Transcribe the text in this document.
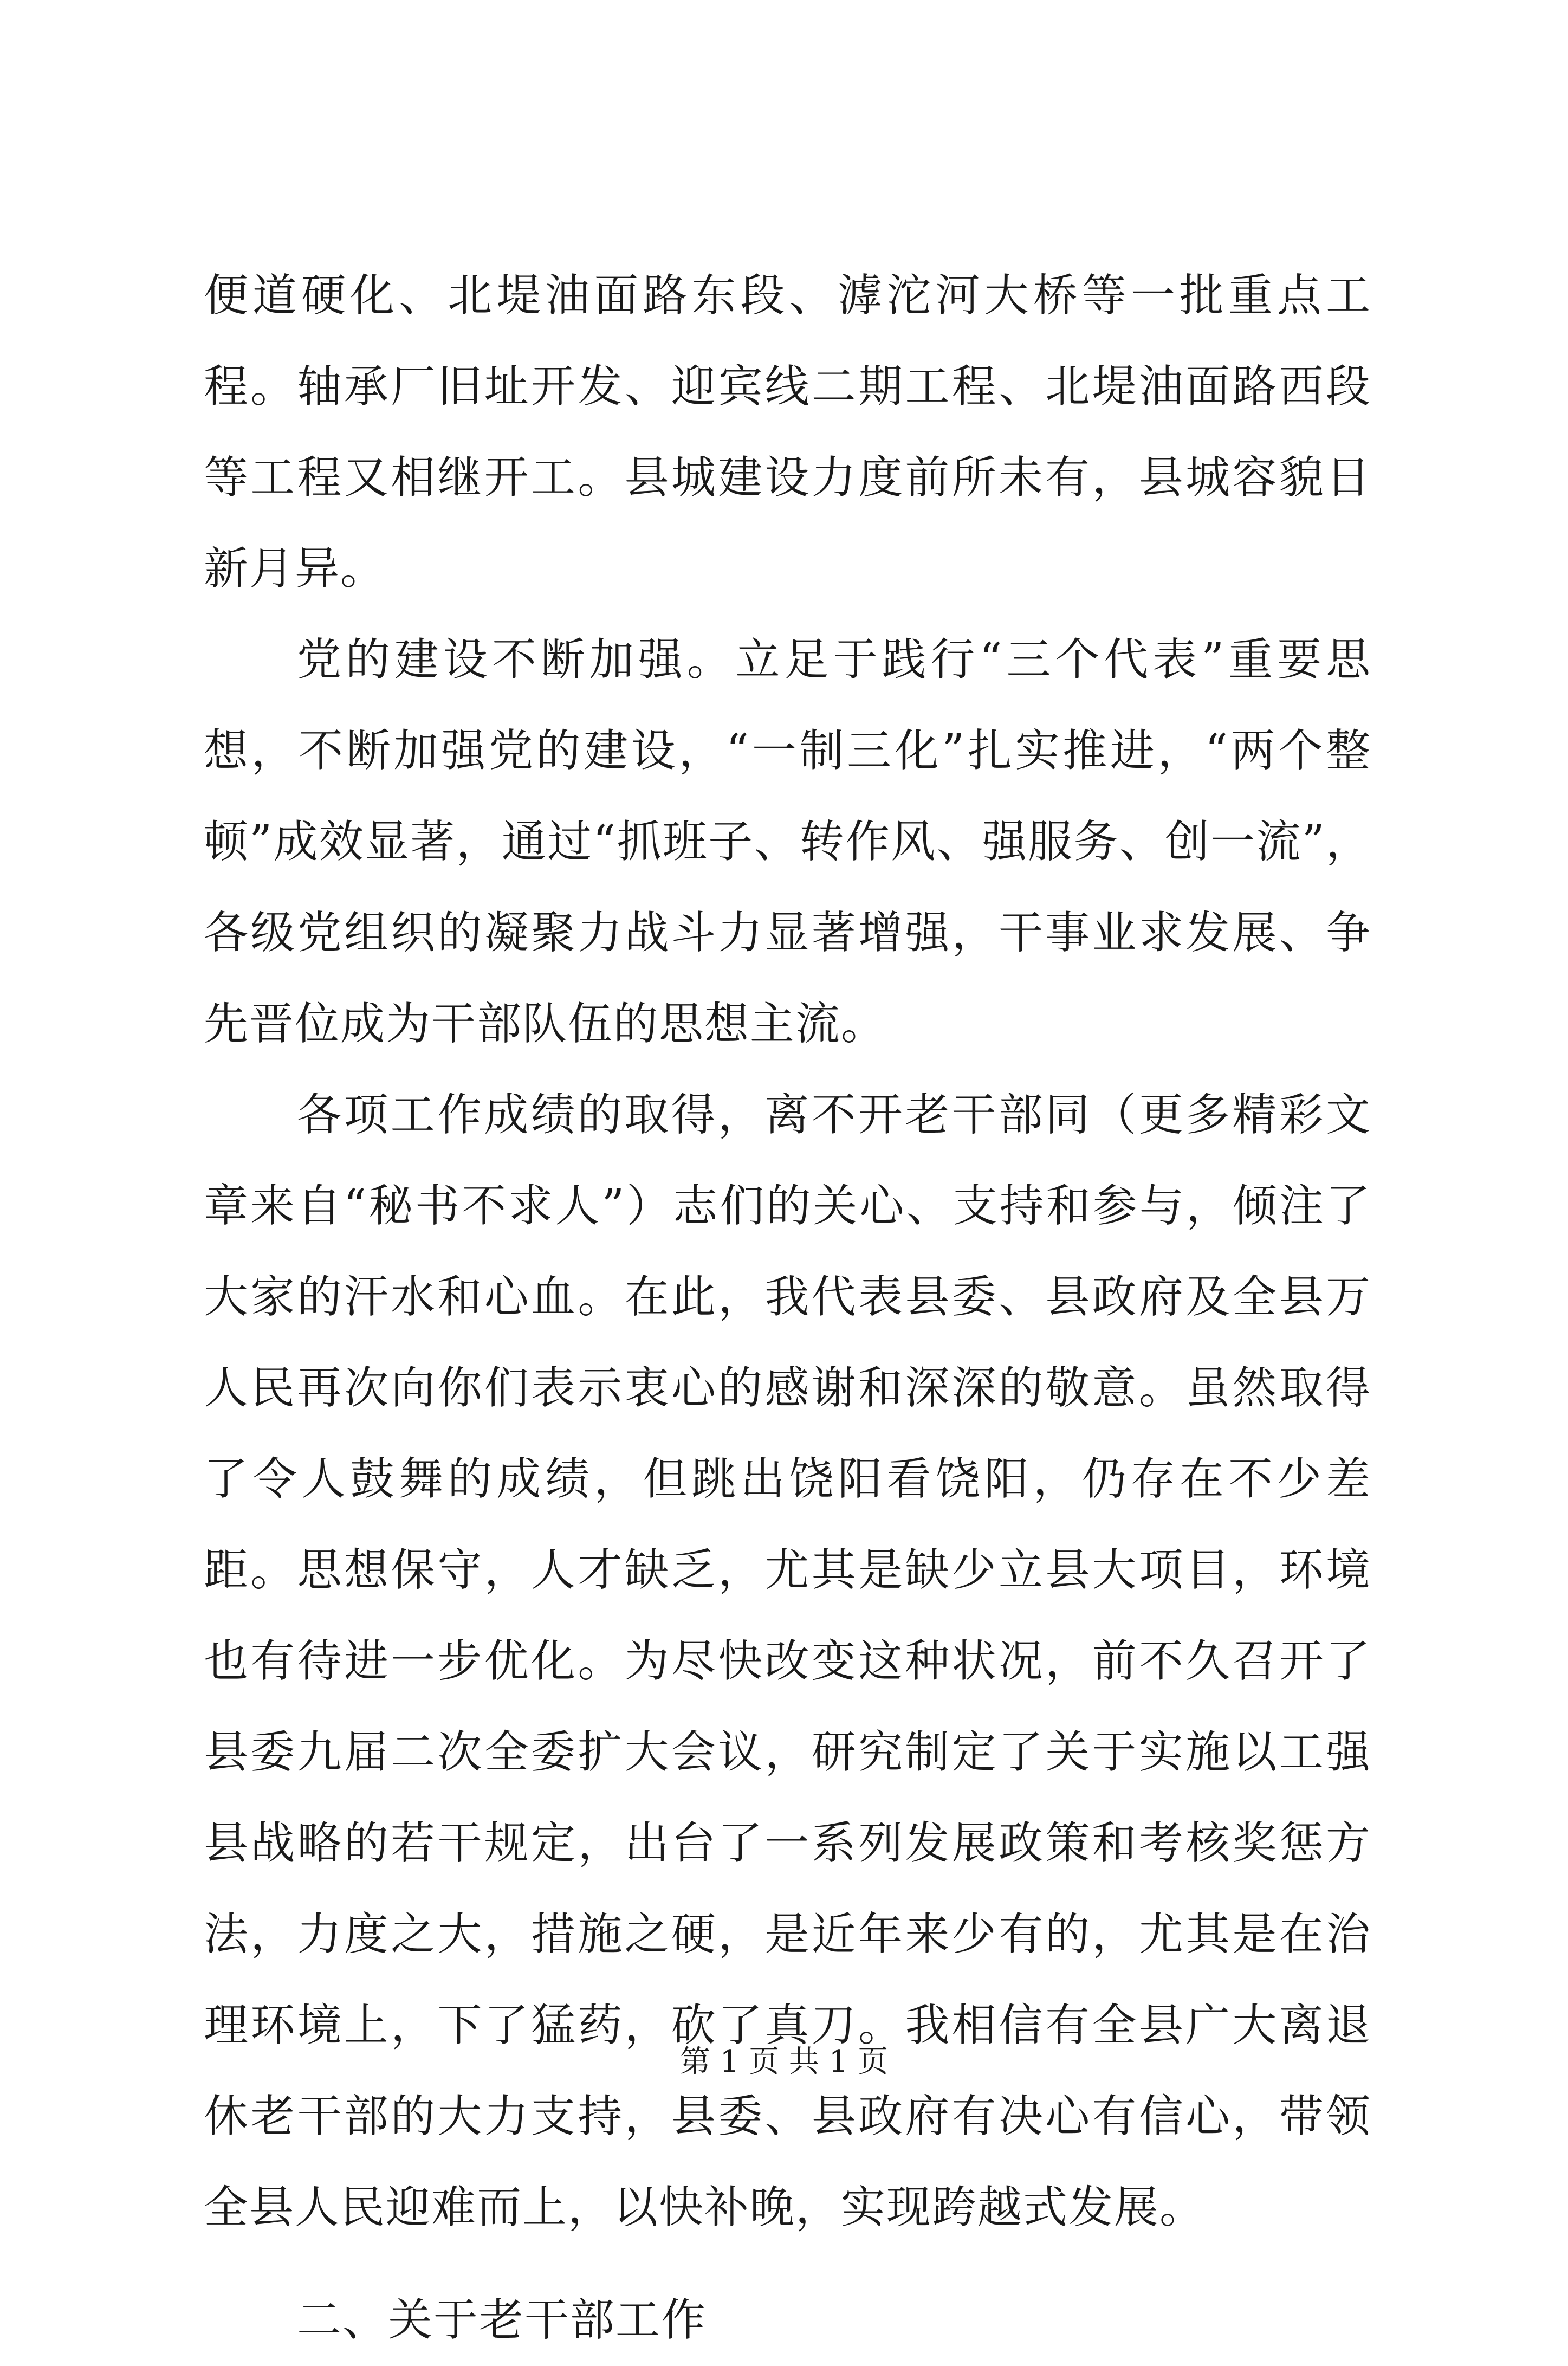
便道硬化、北堤油面路东段、滹沱河大桥等一批重点工程。轴承厂旧址开发、迎宾线二期工程、北堤油面路西段等工程又相继开工。县城建设力度前所未有，县城容貌日新月异。

党的建设不断加强。立足于践行“三个代表”重要思想，不断加强党的建设，“一制三化”扎实推进，“两个整顿”成效显著，通过“抓班子、转作风、强服务、创一流”，各级党组织的凝聚力战斗力显著增强，干事业求发展、争先晋位成为干部队伍的思想主流。

各项工作成绩的取得，离不开老干部同（更多精彩文章来自“秘书不求人”）志们的关心、支持和参与，倾注了大家的汗水和心血。在此，我代表县委、县政府及全县万人民再次向你们表示衷心的感谢和深深的敬意。虽然取得了令人鼓舞的成绩，但跳出饶阳看饶阳，仍存在不少差距。思想保守，人才缺乏，尤其是缺少立县大项目，环境也有待进一步优化。为尽快改变这种状况，前不久召开了县委九届二次全委扩大会议，研究制定了关于实施以工强县战略的若干规定，出台了一系列发展政策和考核奖惩方法，力度之大，措施之硬，是近年来少有的，尤其是在治理环境上，下了猛药，砍了真刀。我相信有全县广大离退休老干部的大力支持，县委、县政府有决心有信心，带领全县人民迎难而上，以快补晚，实现跨越式发展。

二、关于老干部工作

第 1 页 共 1 页
